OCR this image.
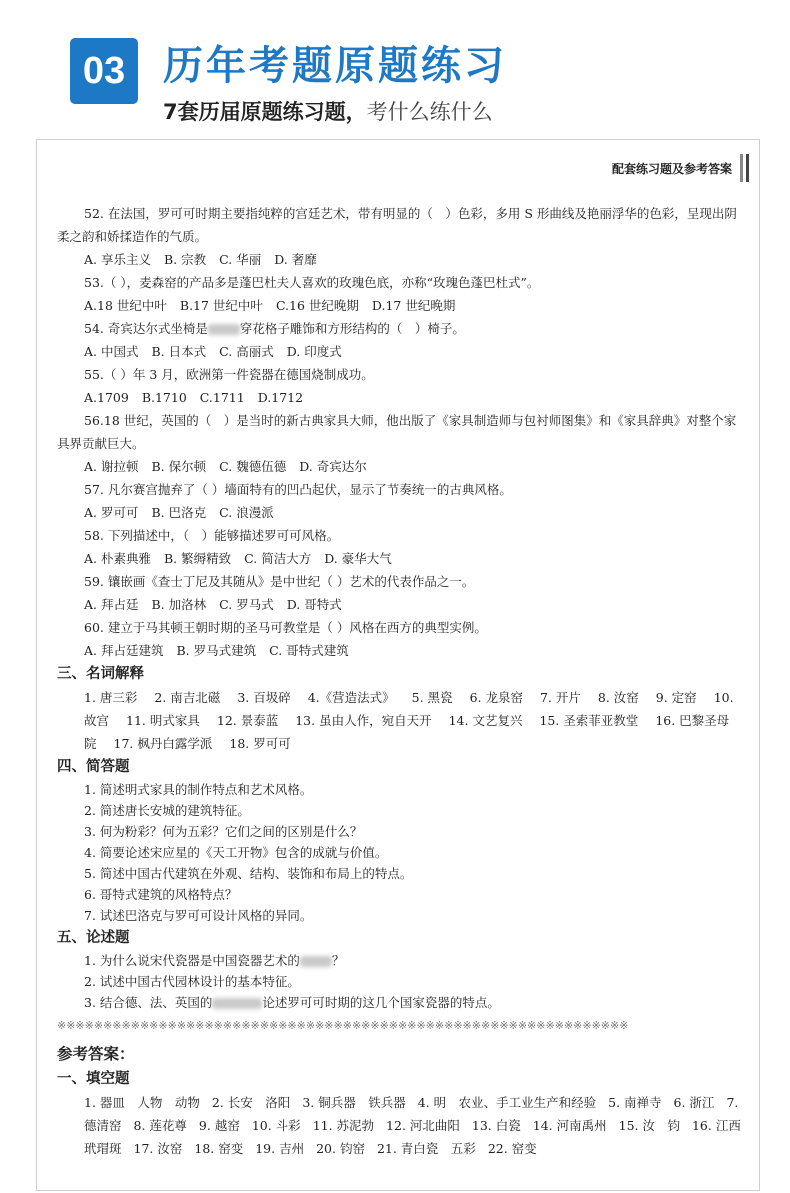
03 历年考题原题练习
7套历届原题练习题，考什么练什么
配套练习题及参考答案

52. 在法国，罗可可时期主要指纯粹的宫廷艺术，带有明显的（　）色彩，多用 S 形曲线及艳丽浮华的色彩，呈现出阴柔之韵和娇揉造作的气质。

A. 享乐主义 B. 宗教 C. 华丽 D. 奢靡

53.（ ），麦森窑的产品多是蓬巴杜夫人喜欢的玫瑰色底，亦称“玫瑰色蓬巴杜式”。

A.18 世纪中叶 B.17 世纪中叶 C.16 世纪晚期 D.17 世纪晚期

54. 奇宾达尔式坐椅是	穿花格子雕饰和方形结构的（　）椅子。

A. 中国式 B. 日本式 C. 高丽式 D. 印度式

55.（ ）年 3 月，欧洲第一件瓷器在德国烧制成功。

A.1709 B.1710 C.1711 D.1712

56.18 世纪，英国的（　）是当时的新古典家具大师，他出版了《家具制造师与包衬师图集》和《家具辞典》对整个家具界贡献巨大。

A. 谢拉顿 B. 保尔顿 C. 魏德伍德 D. 奇宾达尔

57. 凡尔赛宫抛弃了（ ）墙面特有的凹凸起伏，显示了节奏统一的古典风格。

A. 罗可可 B. 巴洛克 C. 浪漫派

58. 下列描述中，（　）能够描述罗可可风格。

A. 朴素典雅 B. 繁缛精致 C. 简洁大方 D. 豪华大气

59. 镶嵌画《查士丁尼及其随从》是中世纪（ ）艺术的代表作品之一。

A. 拜占廷 B. 加洛林 C. 罗马式 D. 哥特式

60. 建立于马其顿王朝时期的圣马可教堂是（ ）风格在西方的典型实例。

A. 拜占廷建筑 B. 罗马式建筑 C. 哥特式建筑

三、名词解释

1. 唐三彩 2. 南吉北磁 3. 百圾碎 4.《营造法式》 5. 黑瓷 6. 龙泉窑 7. 开片 8. 汝窑 9. 定窑 10. 故宫 11. 明式家具 12. 景泰蓝 13. 虽由人作，宛自天开 14. 文艺复兴 15. 圣索菲亚教堂 16. 巴黎圣母院 17. 枫丹白露学派 18. 罗可可

四、简答题

1. 简述明式家具的制作特点和艺术风格。

2. 简述唐长安城的建筑特征。

3. 何为粉彩？何为五彩？它们之间的区别是什么？

4. 简要论述宋应星的《天工开物》包含的成就与价值。

5. 简述中国古代建筑在外观、结构、装饰和布局上的特点。

6. 哥特式建筑的风格特点？

7. 试述巴洛克与罗可可设计风格的异同。

五、论述题

1. 为什么说宋代瓷器是中国瓷器艺术的	？

2. 试述中国古代园林设计的基本特征。

3. 结合德、法、英国的	论述罗可可时期的这几个国家瓷器的特点。

※※※※※※※※※※※※※※※※※※※※※※※※※※※※※※※※※※※※※※※※※※※※※※※※※※※※※※※※※※※※※※

参考答案：

一、填空题

1. 器皿　人物　动物 2. 长安　洛阳 3. 铜兵器　铁兵器 4. 明　农业、手工业生产和经验 5. 南禅寺 6. 浙江 7. 德清窑 8. 莲花尊 9. 越窑 10. 斗彩 11. 苏泥勃 12. 河北曲阳 13. 白瓷 14. 河南禹州 15. 汝　钧 16. 江西　玳瑁斑 17. 汝窑 18. 窑变 19. 吉州 20. 钧窑 21. 青白瓷　五彩 22. 窑变
